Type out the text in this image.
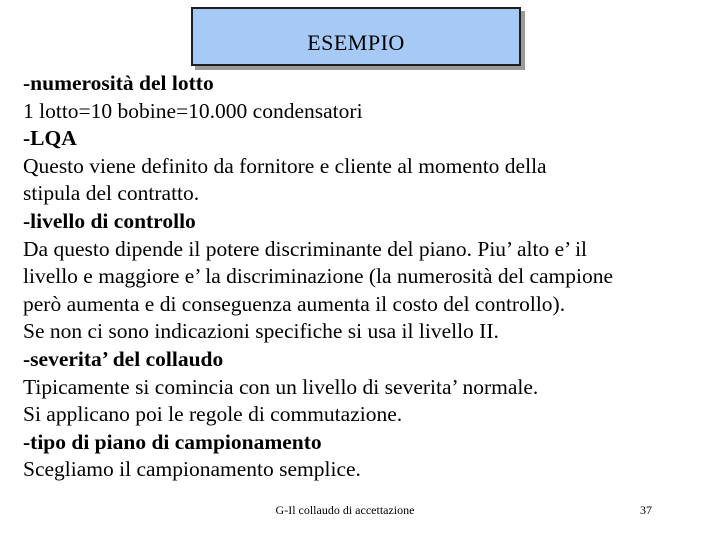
ESEMPIO
-numerosità del lotto
1 lotto=10 bobine=10.000 condensatori
-LQA
Questo viene definito da fornitore e cliente al momento della
stipula del contratto.
-livello di controllo
Da questo dipende il potere discriminante del piano. Piu’ alto e’ il
livello e maggiore e’ la discriminazione (la numerosità del campione
però aumenta e di conseguenza aumenta il costo del controllo).
Se non ci sono indicazioni specifiche si usa il livello II.
-severita’ del collaudo
Tipicamente si comincia con un livello di severita’ normale.
Si applicano poi le regole di commutazione.
-tipo di piano di campionamento
Scegliamo il campionamento semplice.
G-Il collaudo di accettazione	37
